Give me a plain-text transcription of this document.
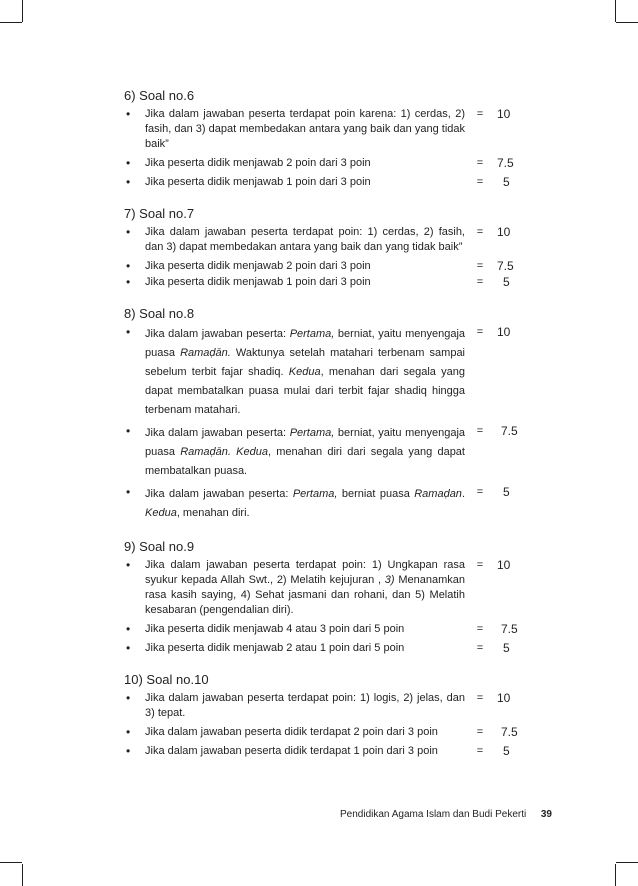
6) Soal no.6
•	Jika dalam jawaban peserta terdapat poin karena: 1) cerdas, 2) fasih, dan 3) dapat membedakan antara yang baik dan yang tidak baik”
=	10
•	Jika peserta didik menjawab 2 poin dari 3 poin	=	7.5
•	Jika peserta didik menjawab 1 poin dari 3 poin	=	5
7) Soal no.7
•	Jika dalam jawaban peserta terdapat poin: 1) cerdas, 2) fasih, dan 3) dapat membedakan antara yang baik dan yang tidak baik”
=	10
•	Jika peserta didik menjawab 2 poin dari 3 poin	=	7.5
•	Jika peserta didik menjawab 1 poin dari 3 poin	=	5
8) Soal no.8
•	Jika dalam jawaban peserta: Pertama, berniat, yaitu menyengaja puasa Ramaḍān. Waktunya setelah matahari terbenam sampai sebelum terbit fajar shadiq. Kedua, menahan dari segala yang dapat membatalkan puasa mulai dari terbit fajar shadiq hingga terbenam matahari.
=	10
•	Jika dalam jawaban peserta: Pertama, berniat, yaitu menyengaja puasa Ramaḍān. Kedua, menahan diri dari segala yang dapat membatalkan puasa.
=	7.5
•	Jika dalam jawaban peserta: Pertama, berniat puasa Ramaḍan. Kedua, menahan diri.
=	5
9) Soal no.9
•	Jika dalam jawaban peserta terdapat poin: 1) Ungkapan rasa syukur kepada Allah Swt., 2) Melatih kejujuran , 3) Menanamkan rasa kasih saying, 4) Sehat jasmani dan rohani, dan 5) Melatih kesabaran (pengendalian diri).
=	10
•	Jika peserta didik menjawab 4 atau 3 poin dari 5 poin	=	7.5
•	Jika peserta didik menjawab 2 atau 1 poin dari 5 poin	=	5
10) Soal no.10
•	Jika dalam jawaban peserta terdapat poin: 1) logis, 2) jelas, dan 3) tepat.
=	10
•	Jika dalam jawaban peserta didik terdapat 2 poin dari 3 poin	=	7.5
•	Jika dalam jawaban peserta didik terdapat 1 poin dari 3 poin	=	5
Pendidikan Agama Islam dan Budi Pekerti 39
